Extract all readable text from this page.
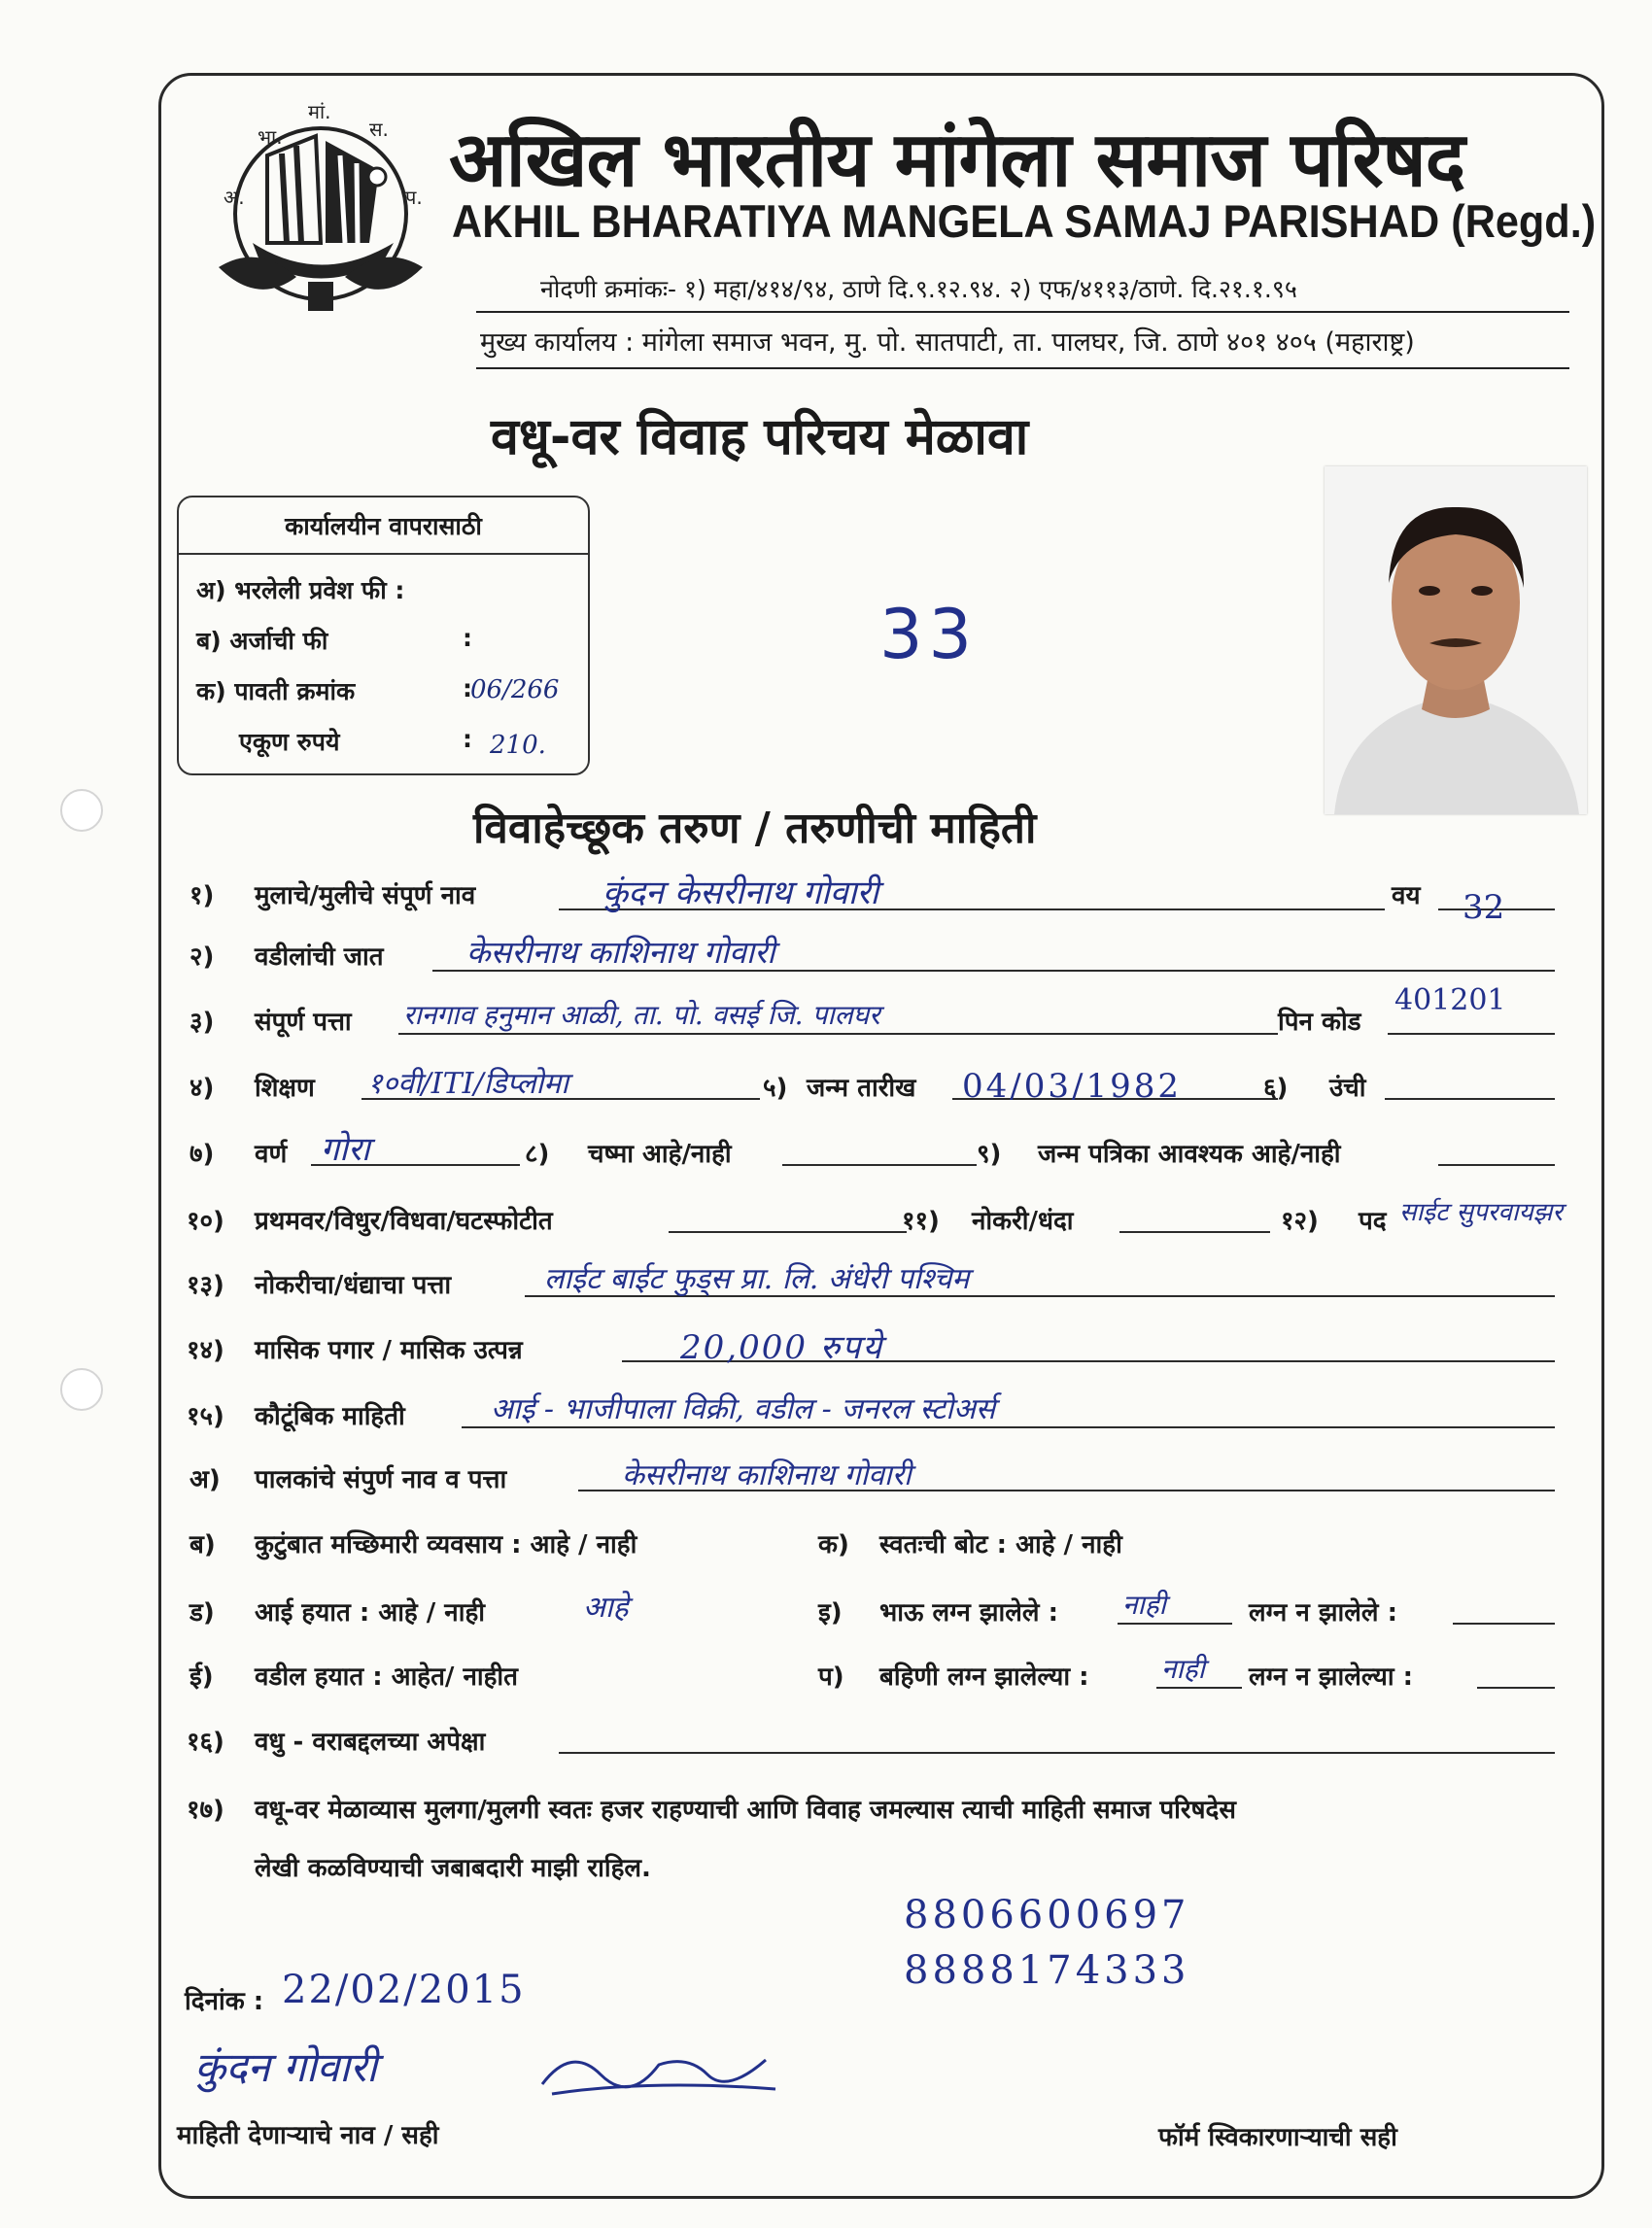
अ.
भा.
मां.
स.
प. अखिल भारतीय मांगेला समाज परिषद
AKHIL BHARATIYA MANGELA SAMAJ PARISHAD (Regd.)
नोदणी क्रमांकः- १) महा/४१४/९४, ठाणे दि.९.१२.९४. २) एफ/४११३/ठाणे. दि.२१.१.९५
मुख्य कार्यालय : मांगेला समाज भवन, मु. पो. सातपाटी, ता. पालघर, जि. ठाणे ४०१ ४०५ (महाराष्ट्र)
वधू-वर विवाह परिचय मेळावा
कार्यालयीन वापरासाठी
अ) भरलेली प्रवेश फी :
ब) अर्जाची फी	:
क) पावती क्रमांक	:
06/266
एकूण रुपये	: 210.
33
विवाहेच्छूक तरुण / तरुणीची माहिती
१) मुलाचे/मुलीचे संपूर्ण नाव	कुंदन केसरीनाथ गोवारी	वय 32
२) वडीलांची जात	केसरीनाथ काशिनाथ गोवारी
३) संपूर्ण पत्ता रानगाव हनुमान आळी, ता. पो. वसई जि. पालघर	पिन कोड
401201
४) शिक्षण १०वी/ITI/डिप्लोमा	५) जन्म तारीख 04/03/1982	६) उंची
७) वर्ण गोरा	८) चष्मा आहे/नाही	९) जन्म पत्रिका आवश्यक आहे/नाही
१०) प्रथमवर/विधुर/विधवा/घटस्फोटीत	११) नोकरी/धंदा	१२) पद साईट सुपरवायझर
१३) नोकरीचा/धंद्याचा पत्ता	लाईट बाईट फुड्स प्रा. लि. अंधेरी पश्चिम
१४) मासिक पगार / मासिक उत्पन्न	20,000 रुपये
१५) कौटूंबिक माहिती	आई - भाजीपाला विक्री, वडील - जनरल स्टोअर्स
अ) पालकांचे संपुर्ण नाव व पत्ता	केसरीनाथ काशिनाथ गोवारी
ब) कुटुंबात मच्छिमारी व्यवसाय : आहे / नाही	क) स्वतःची बोट : आहे / नाही
ड) आई हयात : आहे / नाही	आहे	इ) भाऊ लग्न झालेले : नाही	लग्न न झालेले :
ई) वडील हयात : आहेत/ नाहीत	प) बहिणी लग्न झालेल्या :	नाही लग्न न झालेल्या :
१६) वधु - वराबद्दलच्या अपेक्षा
१७) वधू-वर मेळाव्यास मुलगा/मुलगी स्वतः हजर राहण्याची आणि विवाह जमल्यास त्याची माहिती समाज परिषदेस
लेखी कळविण्याची जबाबदारी माझी राहिल.
8806600697
8888174333
दिनांक : 22/02/2015
कुंदन गोवारी
माहिती देणाऱ्याचे नाव / सही	फॉर्म स्विकारणाऱ्याची सही
